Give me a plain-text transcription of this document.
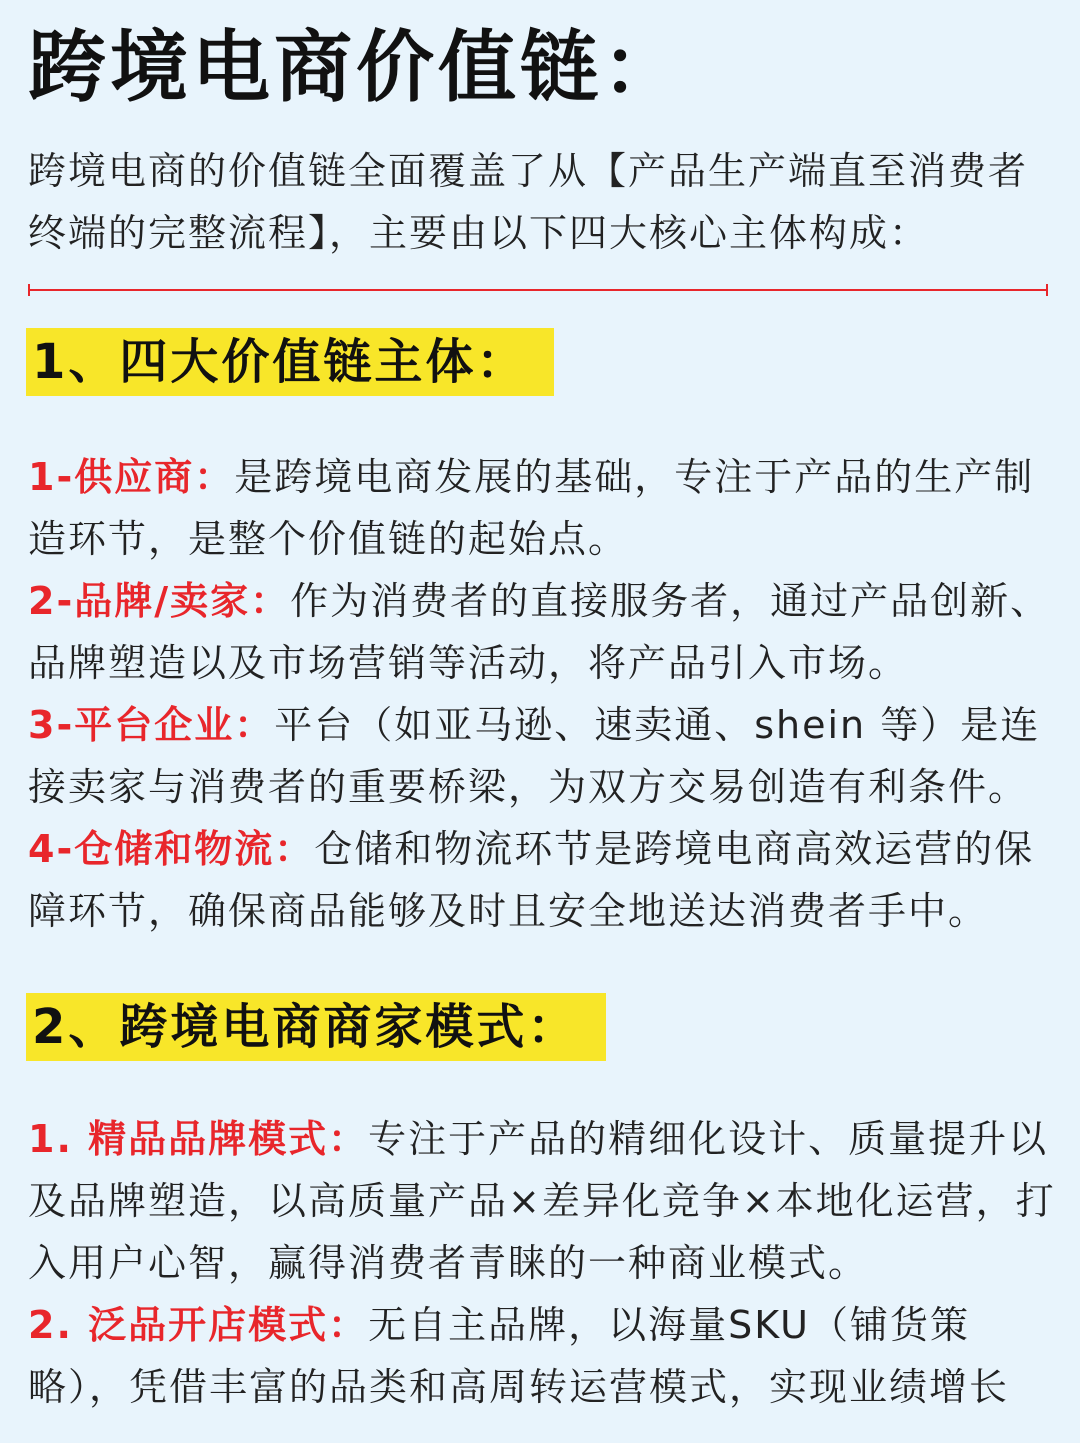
跨境电商价值链：
跨境电商的价值链全面覆盖了从【产品生产端直至消费者终端的完整流程】，主要由以下四大核心主体构成：
1、四大价值链主体：

1-供应商：是跨境电商发展的基础，专注于产品的生产制造环节，是整个价值链的起始点。

2-品牌/卖家：作为消费者的直接服务者，通过产品创新、品牌塑造以及市场营销等活动，将产品引入市场。

3-平台企业：平台（如亚马逊、速卖通、shein 等）是连接卖家与消费者的重要桥梁，为双方交易创造有利条件。

4-仓储和物流：仓储和物流环节是跨境电商高效运营的保障环节，确保商品能够及时且安全地送达消费者手中。

2、跨境电商商家模式：

1. 精品品牌模式：专注于产品的精细化设计、质量提升以及品牌塑造，以高质量产品×差异化竞争×本地化运营，打入用户心智，赢得消费者青睐的一种商业模式。

2. 泛品开店模式：无自主品牌，以海量SKU（铺货策略），凭借丰富的品类和高周转运营模式，实现业绩增长
